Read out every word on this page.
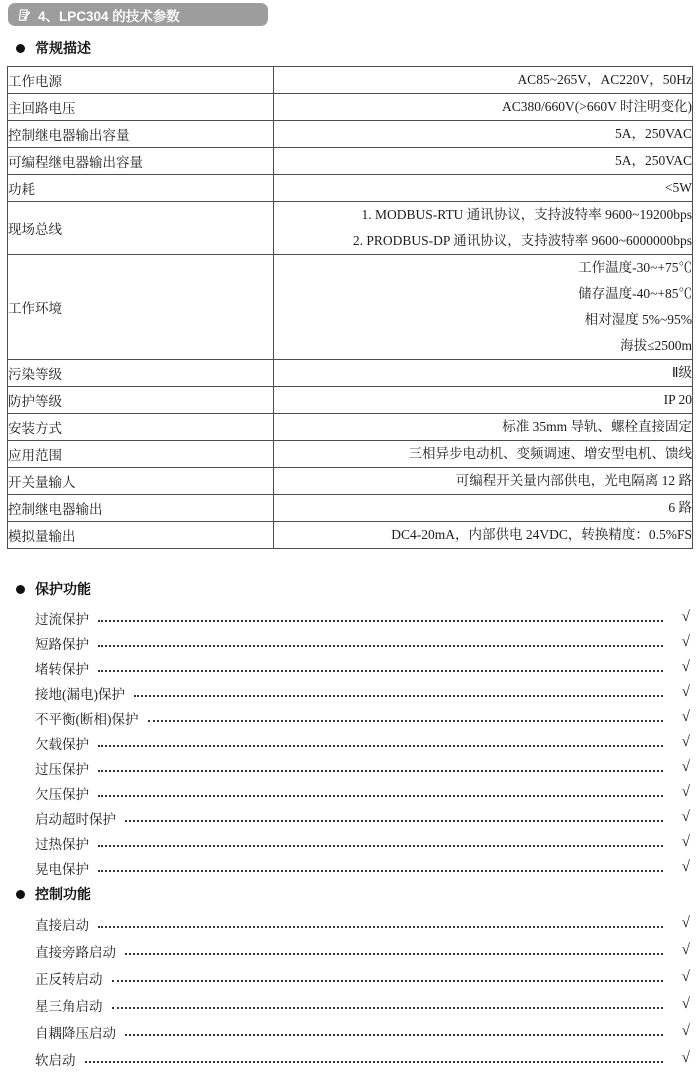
4、LPC304 的技术参数
常规描述
工作电源	AC85~265V，AC220V，50Hz

主回路电压	AC380/660V(>660V 时注明变化)

控制继电器输出容量	5A，250VAC

可编程继电器输出容量	5A，250VAC

功耗	<5W

现场总线	1. MODBUS-RTU 通讯协议，支持波特率 9600~19200bps
2. PRODBUS-DP 通讯协议，支持波特率 9600~6000000bps

工作环境	工作温度-30~+75℃
储存温度-40~+85℃
相对湿度 5%~95%
海拔≤2500m

污染等级	Ⅱ级

防护等级	IP 20

安装方式	标准 35mm 导轨、螺栓直接固定

应用范围	三相异步电动机、变频调速、增安型电机、馈线

开关量输人	可编程开关量内部供电，光电隔离 12 路

控制继电器输出	6 路

模拟量输出	DC4-20mA，内部供电 24VDC，转换精度：0.5%FS
保护功能
过流保护	√
短路保护	√
堵转保护	√
接地(漏电)保护	√
不平衡(断相)保护	√
欠载保护	√
过压保护	√
欠压保护	√
启动超时保护	√
过热保护	√
晃电保护	√
控制功能
直接启动	√
直接旁路启动	√
正反转启动	√
星三角启动	√
自耦降压启动	√
软启动	√
